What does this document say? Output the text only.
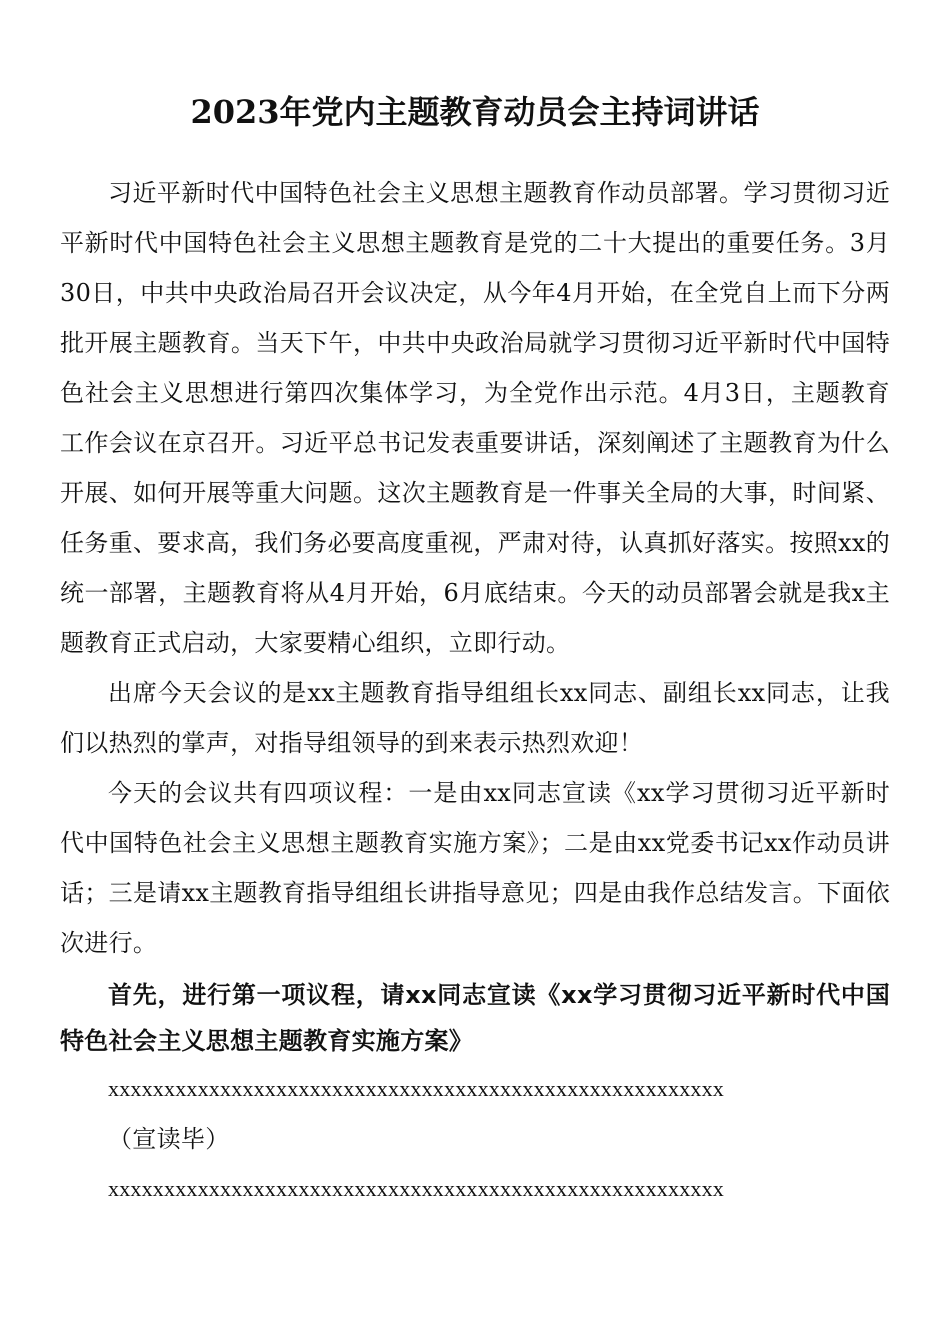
2023年党内主题教育动员会主持词讲话

习近平新时代中国特色社会主义思想主题教育作动员部署。学习贯彻习近平新时代中国特色社会主义思想主题教育是党的二十大提出的重要任务。3月30日，中共中央政治局召开会议决定，从今年4月开始，在全党自上而下分两批开展主题教育。当天下午，中共中央政治局就学习贯彻习近平新时代中国特色社会主义思想进行第四次集体学习，为全党作出示范。4月3日，主题教育工作会议在京召开。习近平总书记发表重要讲话，深刻阐述了主题教育为什么开展、如何开展等重大问题。这次主题教育是一件事关全局的大事，时间紧、任务重、要求高，我们务必要高度重视，严肃对待，认真抓好落实。按照xx的统一部署，主题教育将从4月开始，6月底结束。今天的动员部署会就是我x主题教育正式启动，大家要精心组织，立即行动。

出席今天会议的是xx主题教育指导组组长xx同志、副组长xx同志，让我们以热烈的掌声，对指导组领导的到来表示热烈欢迎！

今天的会议共有四项议程：一是由xx同志宣读《xx学习贯彻习近平新时代中国特色社会主义思想主题教育实施方案》；二是由xx党委书记xx作动员讲话；三是请xx主题教育指导组组长讲指导意见；四是由我作总结发言。下面依次进行。

首先，进行第一项议程，请xx同志宣读《xx学习贯彻习近平新时代中国特色社会主义思想主题教育实施方案》

xxxxxxxxxxxxxxxxxxxxxxxxxxxxxxxxxxxxxxxxxxxxxxxxxxxxxxx

（宣读毕）

xxxxxxxxxxxxxxxxxxxxxxxxxxxxxxxxxxxxxxxxxxxxxxxxxxxxxxx
